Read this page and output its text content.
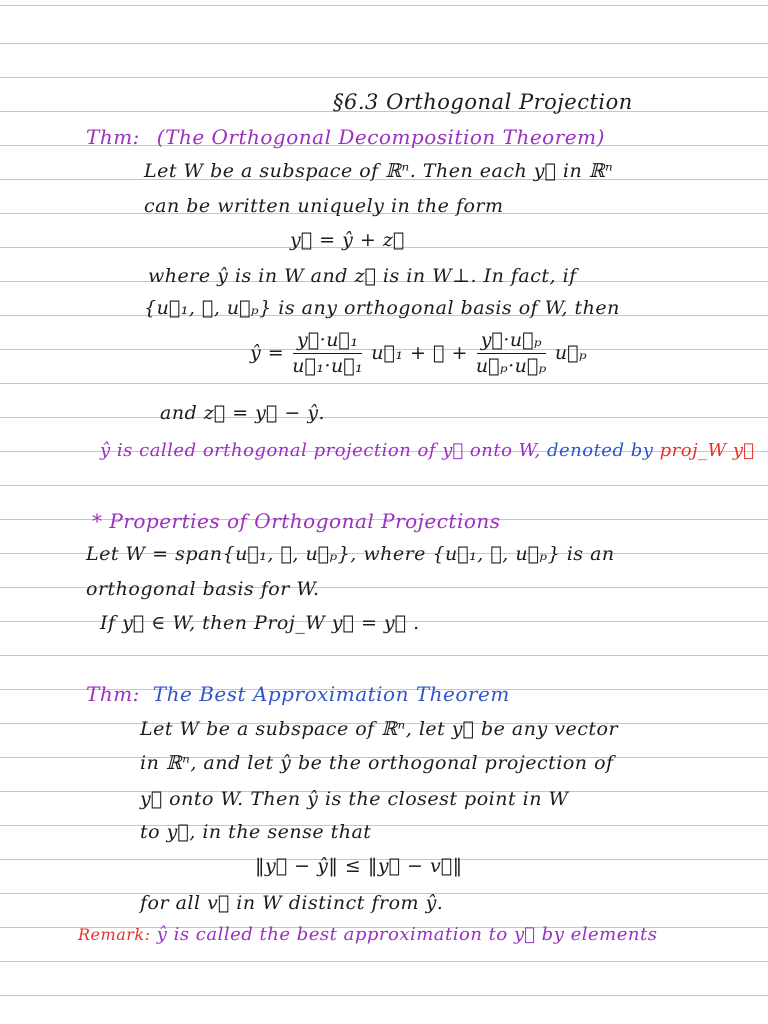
§6.3 Orthogonal Projection
Thm: (The Orthogonal Decomposition Theorem)
Let W be a subspace of ℝⁿ. Then each y⃗ in ℝⁿ
can be written uniquely in the form
y⃗ = ŷ + z⃗
where ŷ is in W and z⃗ is in W⊥. In fact, if
{u⃗₁, ⋯, u⃗ₚ} is any orthogonal basis of W, then
ŷ = $\frac{\text{y⃗·u⃗₁}}{\text{u⃗₁·u⃗₁}}$ u⃗₁ + ⋯ + $\frac{\text{y⃗·u⃗ₚ}}{\text{u⃗ₚ·u⃗ₚ}}$ u⃗ₚ
and z⃗ = y⃗ − ŷ.
ŷ is called orthogonal projection of y⃗ onto W, denoted by proj_W y⃗
* Properties of Orthogonal Projections
Let W = span{u⃗₁, ⋯, u⃗ₚ}, where {u⃗₁, ⋯, u⃗ₚ} is an
orthogonal basis for W.
If y⃗ ∈ W, then Proj_W y⃗ = y⃗ .
Thm: The Best Approximation Theorem
Let W be a subspace of ℝⁿ, let y⃗ be any vector
in ℝⁿ, and let ŷ be the orthogonal projection of
y⃗ onto W. Then ŷ is the closest point in W
to y⃗, in the sense that
‖y⃗ − ŷ‖ ≤ ‖y⃗ − v⃗‖
for all v⃗ in W distinct from ŷ.
Remark: ŷ is called the best approximation to y⃗ by elements
